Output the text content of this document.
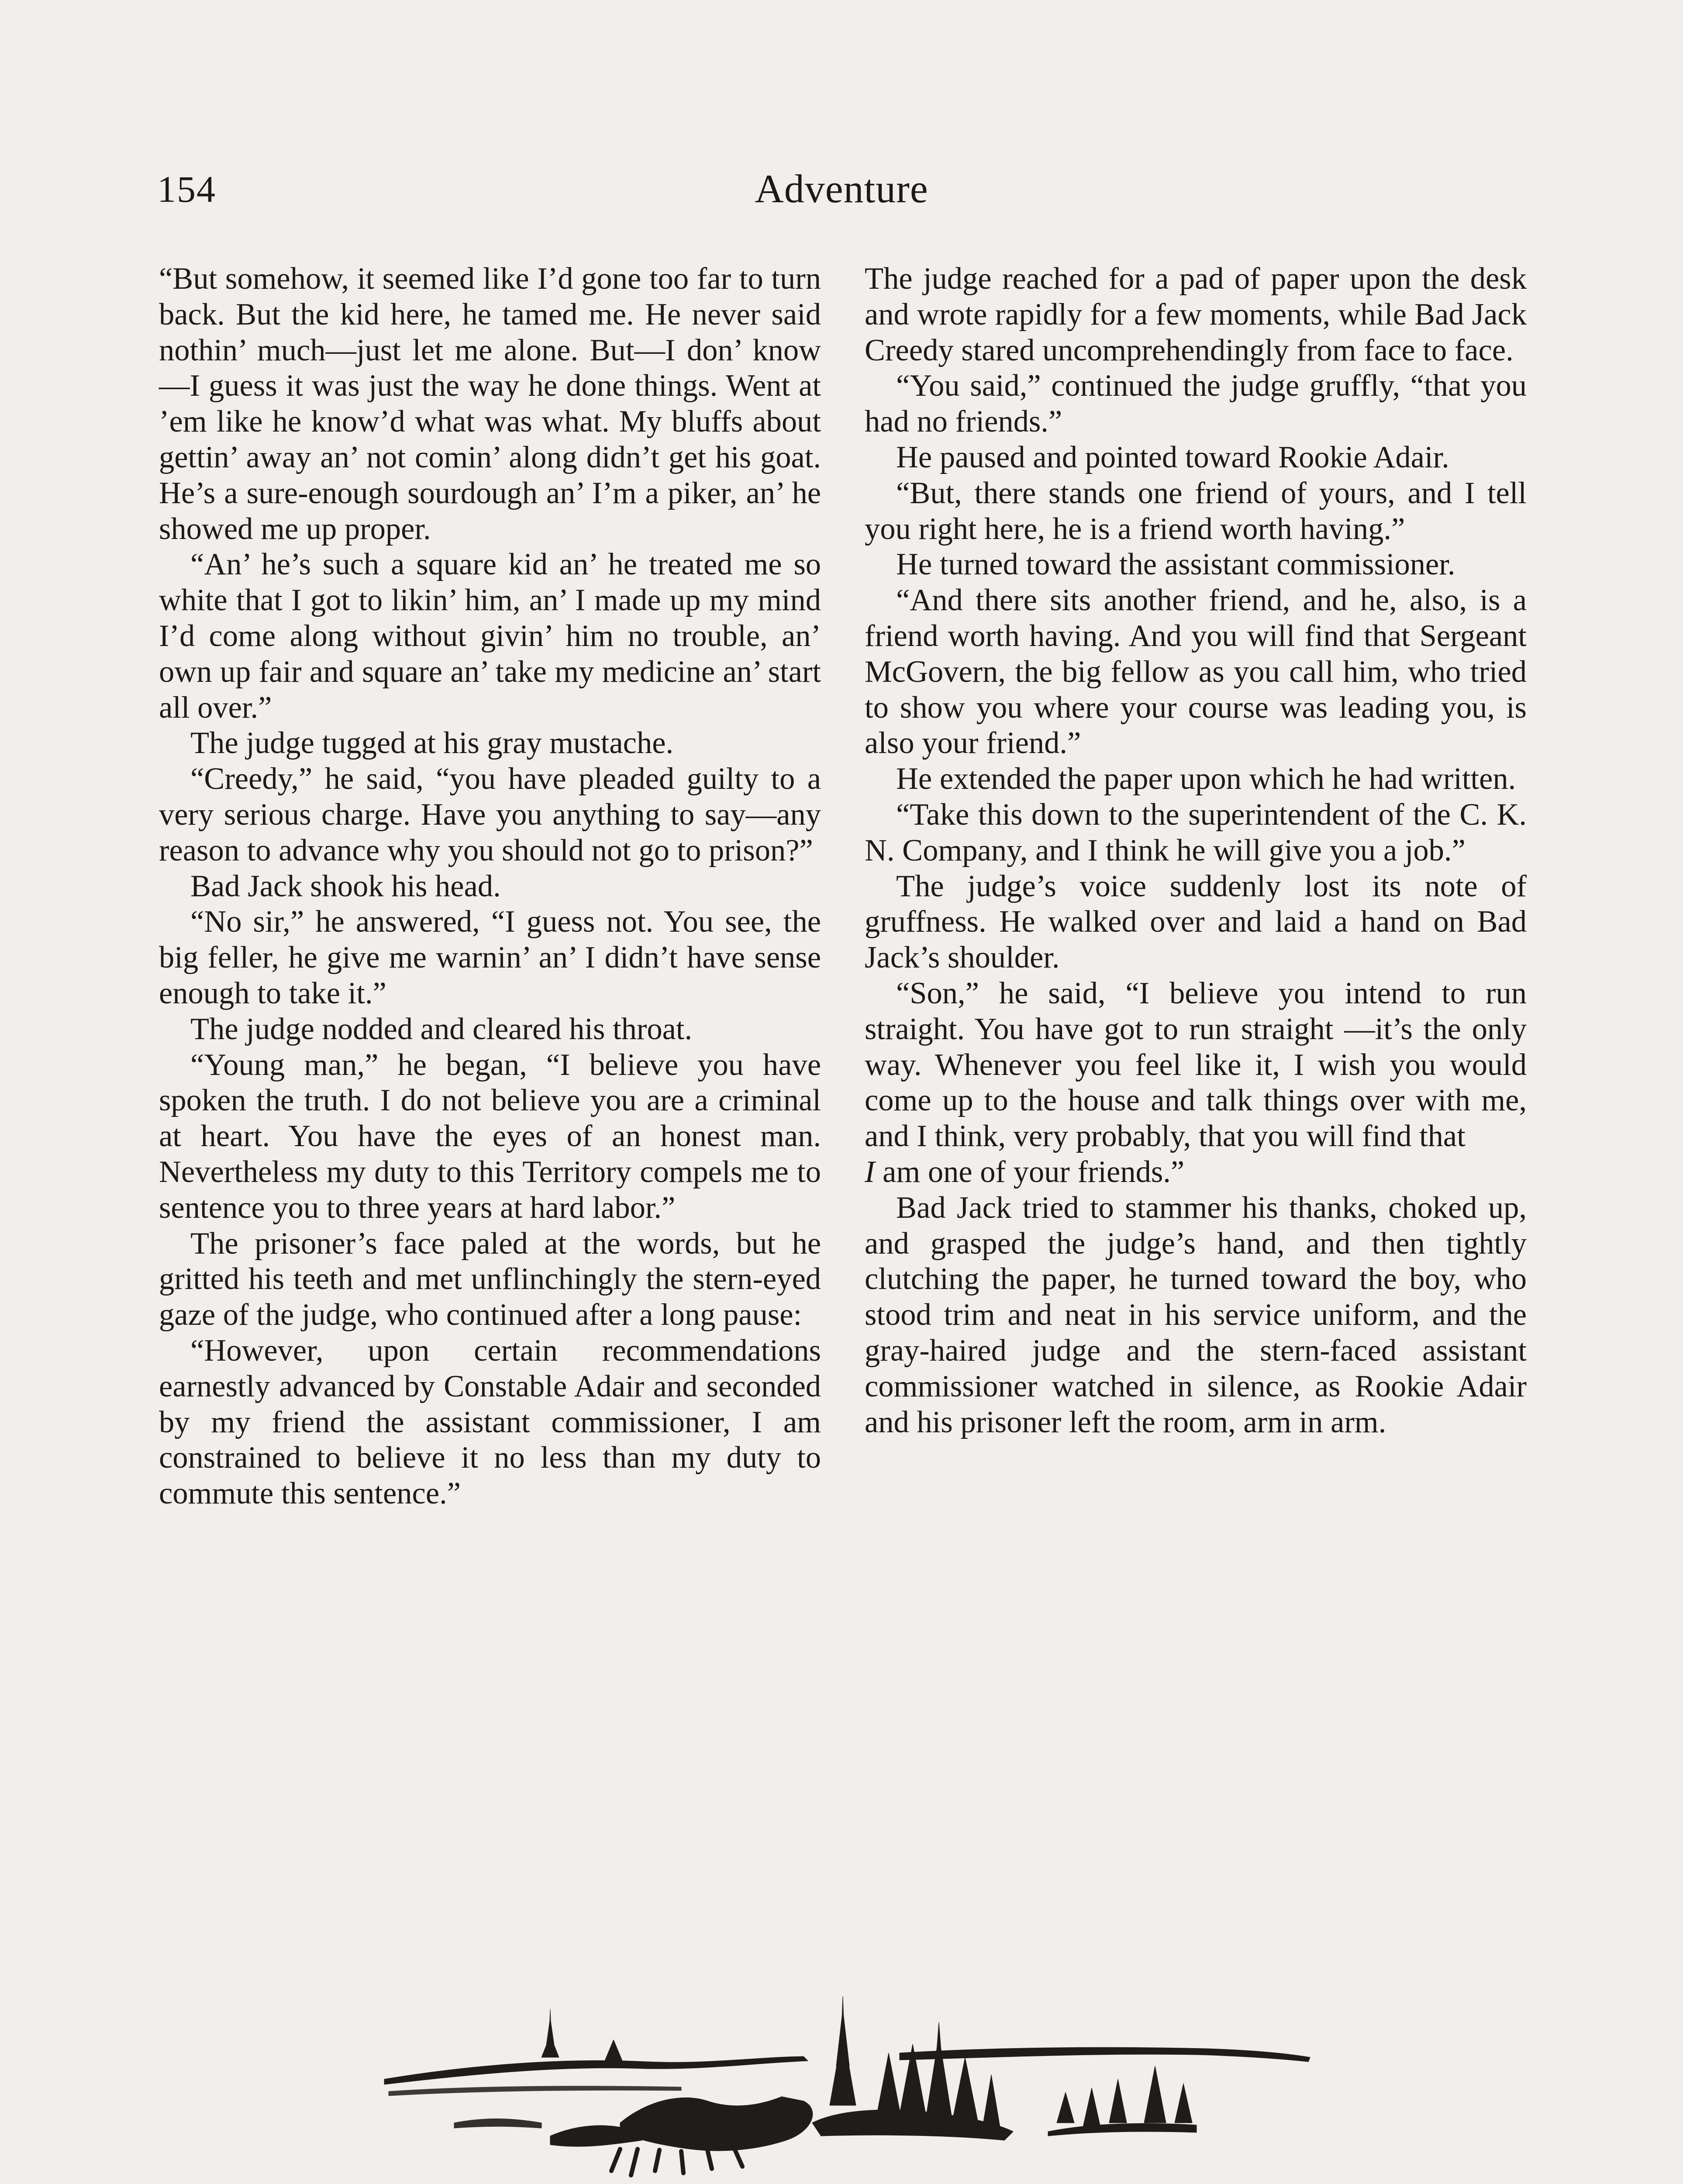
154	Adventure

“But somehow, it seemed like I’d gone too far to turn back. But the kid here, he tamed me. He never said nothin’ much—just let me alone. But—I don’ know—I guess it was just the way he done things. Went at ’em like he know’d what was what. My bluffs about gettin’ away an’ not comin’ along didn’t get his goat. He’s a sure-enough sourdough an’ I’m a piker, an’ he showed me up proper.

“An’ he’s such a square kid an’ he treated me so white that I got to likin’ him, an’ I made up my mind I’d come along without givin’ him no trouble, an’ own up fair and square an’ take my medicine an’ start all over.”

The judge tugged at his gray mustache.

“Creedy,” he said, “you have pleaded guilty to a very serious charge. Have you anything to say—any reason to advance why you should not go to prison?”

Bad Jack shook his head.

“No sir,” he answered, “I guess not. You see, the big feller, he give me warnin’ an’ I didn’t have sense enough to take it.”

The judge nodded and cleared his throat.

“Young man,” he began, “I believe you have spoken the truth. I do not believe you are a criminal at heart. You have the eyes of an honest man. Nevertheless my duty to this Territory compels me to sentence you to three years at hard labor.”

The prisoner’s face paled at the words, but he gritted his teeth and met unflinchingly the stern-eyed gaze of the judge, who continued after a long pause:

“However, upon certain recommendations earnestly advanced by Constable Adair and seconded by my friend the assistant commissioner, I am constrained to believe it no less than my duty to commute this sentence.”

The judge reached for a pad of paper upon the desk and wrote rapidly for a few moments, while Bad Jack Creedy stared uncomprehendingly from face to face.

“You said,” continued the judge gruffly, “that you had no friends.”

He paused and pointed toward Rookie Adair.

“But, there stands one friend of yours, and I tell you right here, he is a friend worth having.”

He turned toward the assistant commissioner.

“And there sits another friend, and he, also, is a friend worth having. And you will find that Sergeant McGovern, the big fellow as you call him, who tried to show you where your course was leading you, is also your friend.”

He extended the paper upon which he had written.

“Take this down to the superintendent of the C. K. N. Company, and I think he will give you a job.”

The judge’s voice suddenly lost its note of gruffness. He walked over and laid a hand on Bad Jack’s shoulder.

“Son,” he said, “I believe you intend to run straight. You have got to run straight —it’s the only way. Whenever you feel like it, I wish you would come up to the house and talk things over with me, and I think, very probably, that you will find that

I am one of your friends.”

Bad Jack tried to stammer his thanks, choked up, and grasped the judge’s hand, and then tightly clutching the paper, he turned toward the boy, who stood trim and neat in his service uniform, and the gray-haired judge and the stern-faced assistant commissioner watched in silence, as Rookie Adair and his prisoner left the room, arm in arm.
